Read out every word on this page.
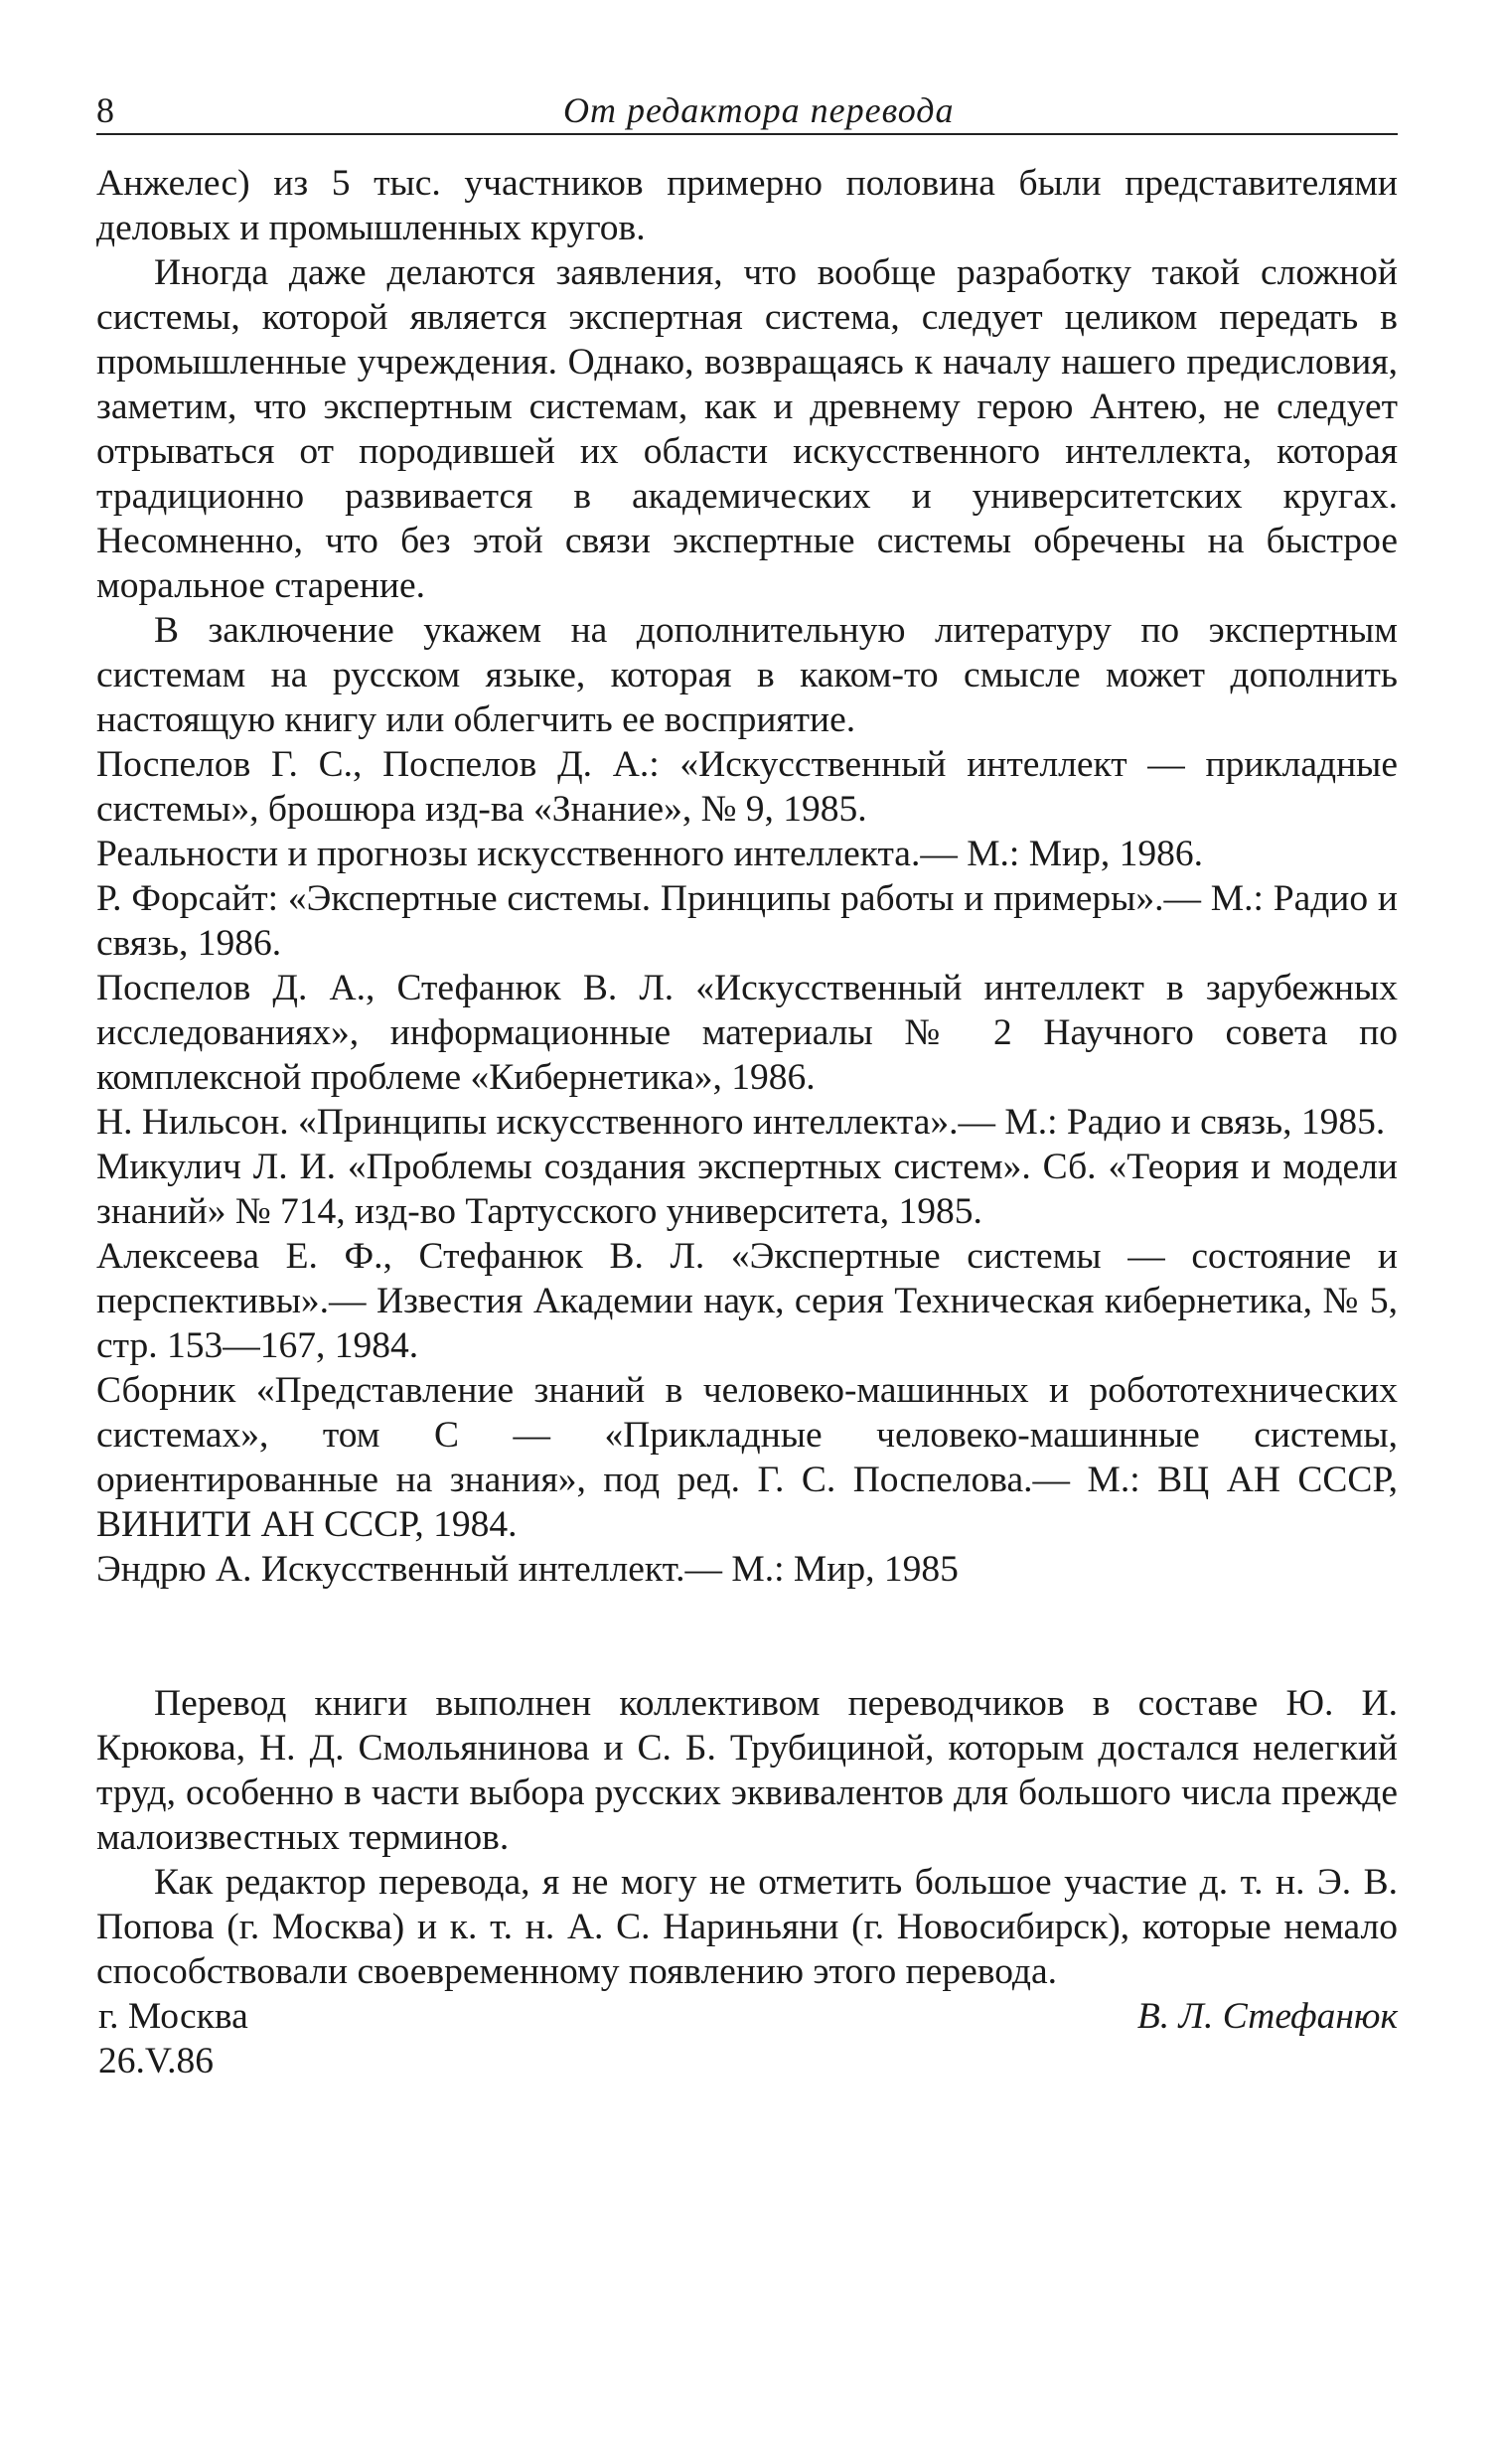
8	От редактора перевода

Анжелес) из 5 тыс. участников примерно половина были представителями деловых и промышленных кругов.

Иногда даже делаются заявления, что вообще разработку такой сложной системы, которой является экспертная система, следует целиком передать в промышленные учреждения. Однако, возвращаясь к началу нашего предисловия, заметим, что экспертным системам, как и древнему герою Антею, не следует отрываться от породившей их области искусственного интеллекта, которая традиционно развивается в академических и университетских кругах. Несомненно, что без этой связи экспертные системы обречены на быстрое моральное старение.

В заключение укажем на дополнительную литературу по экспертным системам на русском языке, которая в каком-то смысле может дополнить настоящую книгу или облегчить ее восприятие.

Поспелов Г. С., Поспелов Д. А.: «Искусственный интеллект — прикладные системы», брошюра изд-ва «Знание», № 9, 1985.

Реальности и прогнозы искусственного интеллекта.— М.: Мир, 1986.

Р. Форсайт: «Экспертные системы. Принципы работы и примеры».— М.: Радио и связь, 1986.

Поспелов Д. А., Стефанюк В. Л. «Искусственный интеллект в зарубежных исследованиях», информационные материалы № 2 Научного совета по комплексной проблеме «Кибернетика», 1986.

Н. Нильсон. «Принципы искусственного интеллекта».— М.: Радио и связь, 1985.

Микулич Л. И. «Проблемы создания экспертных систем». Сб. «Теория и модели знаний» № 714, изд-во Тартусского университета, 1985.

Алексеева Е. Ф., Стефанюк В. Л. «Экспертные системы — состояние и перспективы».— Известия Академии наук, серия Техническая кибернетика, № 5, стр. 153—167, 1984.

Сборник «Представление знаний в человеко-машинных и робототехнических системах», том С — «Прикладные человеко-машинные системы, ориентированные на знания», под ред. Г. С. Поспелова.— М.: ВЦ АН СССР, ВИНИТИ АН СССР, 1984.

Эндрю А. Искусственный интеллект.— М.: Мир, 1985

Перевод книги выполнен коллективом переводчиков в составе Ю. И. Крюкова, Н. Д. Смольянинова и С. Б. Трубициной, которым достался нелегкий труд, особенно в части выбора русских эквивалентов для большого числа прежде малоизвестных терминов.

Как редактор перевода, я не могу не отметить большое участие д. т. н. Э. В. Попова (г. Москва) и к. т. н. А. С. Нариньяни (г. Новосибирск), которые немало способствовали своевременному появлению этого перевода.

г. Москва	В. Л. Стефанюк
26.V.86
